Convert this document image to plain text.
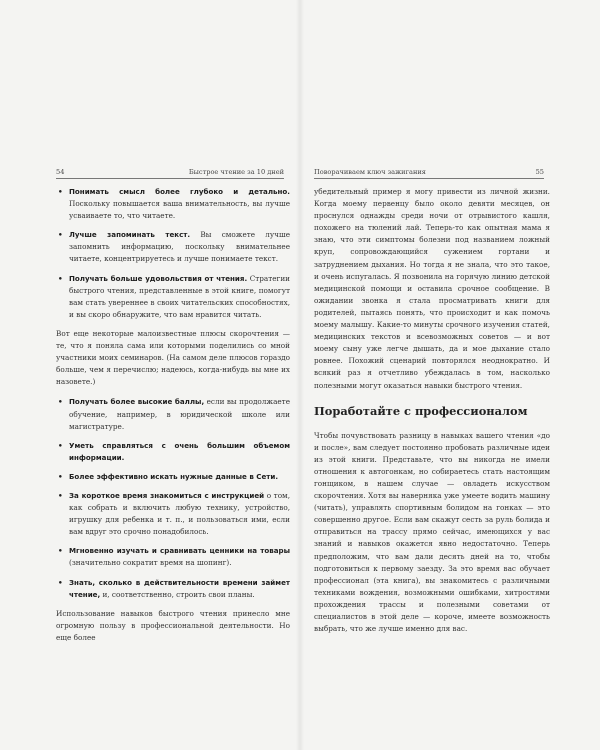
54	Быстрое чтение за 10 дней
• Понимать смысл более глубоко и детально. Поскольку повышается ваша внимательность, вы лучше усваиваете то, что читаете.
• Лучше запоминать текст. Вы сможете лучше запомнить информацию, поскольку внимательнее читаете, концентрируетесь и лучше понимаете текст.
• Получать больше удовольствия от чтения. Стратегии быстрого чтения, представленные в этой книге, помогут вам стать увереннее в своих читательских способностях, и вы скоро обнаружите, что вам нравится читать.

Вот еще некоторые малоизвестные плюсы скорочтения — те, что я поняла сама или которыми поделились со мной участники моих семинаров. (На самом деле плюсов гораздо больше, чем я перечислю; надеюсь, когда-нибудь вы мне их назовете.)

• Получать более высокие баллы, если вы продолжаете обучение, например, в юридической школе или магистратуре.
• Уметь справляться с очень большим объемом информации.
• Более эффективно искать нужные данные в Сети.
• За короткое время знакомиться с инструкцией о том, как собрать и включить любую технику, устройство, игрушку для ребенка и т. п., и пользоваться ими, если вам вдруг это срочно понадобилось.
• Мгновенно изучать и сравнивать ценники на товары (значительно сократит время на шопинг).
• Знать, сколько в действительности времени займет чтение, и, соответственно, строить свои планы.

Использование навыков быстрого чтения принесло мне огромную пользу в профессиональной деятельности. Но еще более

Поворачиваем ключ зажигания	55

убедительный пример я могу привести из личной жизни. Когда моему первенцу было около девяти месяцев, он проснулся однажды среди ночи от отрывистого кашля, похожего на тюлений лай. Теперь-то как опытная мама я знаю, что эти симптомы болезни под названием ложный круп, сопровождающийся сужением гортани и затруднением дыхания. Но тогда я не знала, что это такое, и очень испугалась. Я позвонила на горячую линию детской медицинской помощи и оставила срочное сообщение. В ожидании звонка я стала просматривать книги для родителей, пытаясь понять, что происходит и как помочь моему малышу. Какие-то минуты срочного изучения статей, медицинских текстов и всевозможных советов — и вот моему сыну уже легче дышать, да и мое дыхание стало ровнее. Похожий сценарий повторялся неоднократно. И всякий раз я отчетливо убеждалась в том, насколько полезными могут оказаться навыки быстрого чтения.

Поработайте с профессионалом

Чтобы почувствовать разницу в навыках вашего чтения «до и после», вам следует постоянно пробовать различные идеи из этой книги. Представьте, что вы никогда не имели отношения к автогонкам, но собираетесь стать настоящим гонщиком, в нашем случае — овладеть искусством скорочтения. Хотя вы наверняка уже умеете водить машину (читать), управлять спортивным болидом на гонках — это совершенно другое. Если вам скажут сесть за руль болида и отправиться на трассу прямо сейчас, имеющихся у вас знаний и навыков окажется явно недостаточно. Теперь предположим, что вам дали десять дней на то, чтобы подготовиться к первому заезду. За это время вас обучает профессионал (эта книга), вы знакомитесь с различными техниками вождения, возможными ошибками, хитростями прохождения трассы и полезными советами от специалистов в этой деле — короче, имеете возможность выбрать, что же лучше именно для вас.
